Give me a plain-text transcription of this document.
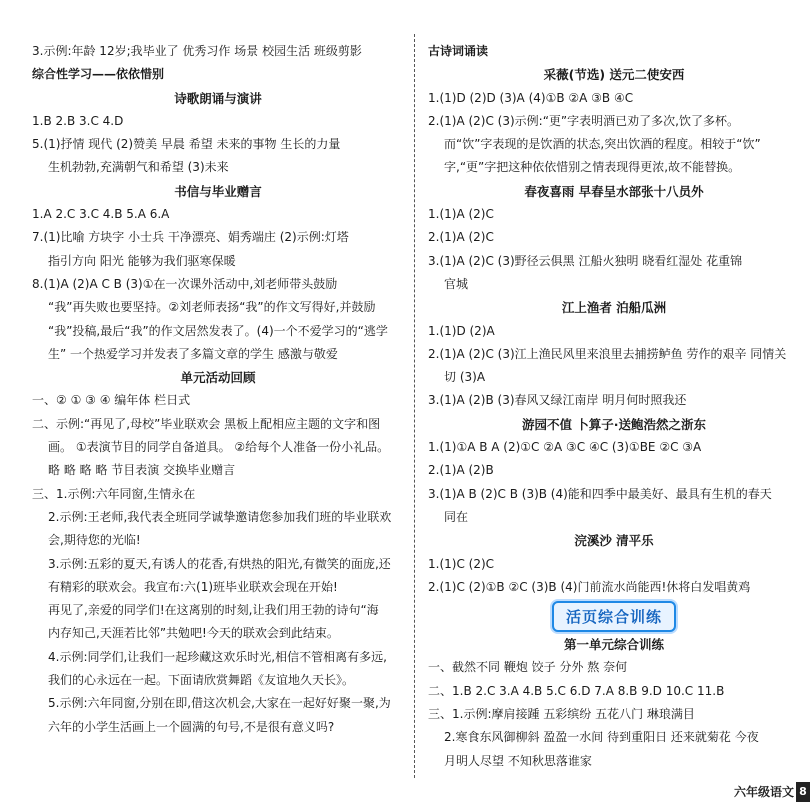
3.示例:年龄 12岁;我毕业了 优秀习作 场景 校园生活 班级剪影
综合性学习——依依惜别
诗歌朗诵与演讲
1.B 2.B 3.C 4.D
5.(1)抒情 现代 (2)赞美 早晨 希望 未来的事物 生长的力量
生机勃勃,充满朝气和希望 (3)未来
书信与毕业赠言
1.A 2.C 3.C 4.B 5.A 6.A
7.(1)比喻 方块字 小士兵 干净漂亮、娟秀端庄 (2)示例:灯塔
指引方向 阳光 能够为我们驱寒保暖
8.(1)A (2)A C B (3)①在一次课外活动中,刘老师带头鼓励
“我”再失败也要坚持。②刘老师表扬“我”的作文写得好,并鼓励
“我”投稿,最后“我”的作文居然发表了。(4)一个不爱学习的“逃学
生” 一个热爱学习并发表了多篇文章的学生 感激与敬爱
单元活动回顾
一、② ① ③ ④ 编年体 栏日式
二、示例:“再见了,母校”毕业联欢会 黑板上配相应主题的文字和图
画。 ①表演节目的同学自备道具。 ②给每个人准备一份小礼品。
略 略 略 略 节目表演 交换毕业赠言
三、1.示例:六年同窗,生情永在
2.示例:王老师,我代表全班同学诚挚邀请您参加我们班的毕业联欢
会,期待您的光临!
3.示例:五彩的夏天,有诱人的花香,有烘热的阳光,有微笑的面庞,还
有精彩的联欢会。我宣布:六(1)班毕业联欢会现在开始!
再见了,亲爱的同学们!在这离别的时刻,让我们用王勃的诗句“海
内存知己,天涯若比邻”共勉吧!今天的联欢会到此结束。
4.示例:同学们,让我们一起珍藏这欢乐时光,相信不管相离有多远,
我们的心永远在一起。下面请欣赏舞蹈《友谊地久天长》。
5.示例:六年同窗,分别在即,借这次机会,大家在一起好好聚一聚,为
六年的小学生活画上一个圆满的句号,不是很有意义吗?
古诗词诵读
采薇(节选) 送元二使安西
1.(1)D (2)D (3)A (4)①B ②A ③B ④C
2.(1)A (2)C (3)示例:“更”字表明酒已劝了多次,饮了多杯。
而“饮”字表现的是饮酒的状态,突出饮酒的程度。相较于“饮”
字,“更”字把这种依依惜别之情表现得更浓,故不能替换。
春夜喜雨 早春呈水部张十八员外
1.(1)A (2)C
2.(1)A (2)C
3.(1)A (2)C (3)野径云俱黑 江船火独明 晓看红湿处 花重锦
官城
江上渔者 泊船瓜洲
1.(1)D (2)A
2.(1)A (2)C (3)江上渔民风里来浪里去捕捞鲈鱼 劳作的艰辛 同情关
切 (3)A
3.(1)A (2)B (3)春风又绿江南岸 明月何时照我还
游园不值 卜算子·送鲍浩然之浙东
1.(1)①A B A (2)①C ②A ③C ④C (3)①BE ②C ③A
2.(1)A (2)B
3.(1)A B (2)C B (3)B (4)能和四季中最美好、最具有生机的春天
同在
浣溪沙 清平乐
1.(1)C (2)C
2.(1)C (2)①B ②C (3)B (4)门前流水尚能西!休将白发唱黄鸡
活页综合训练
第一单元综合训练
一、截然不同 鞭炮 饺子 分外 熬 奈何
二、1.B 2.C 3.A 4.B 5.C 6.D 7.A 8.B 9.D 10.C 11.B
三、1.示例:摩肩接踵 五彩缤纷 五花八门 琳琅满目
2.寒食东风御柳斜 盈盈一水间 待到重阳日 还来就菊花 今夜
月明人尽望 不知秋思落谁家
六年级语文 8
